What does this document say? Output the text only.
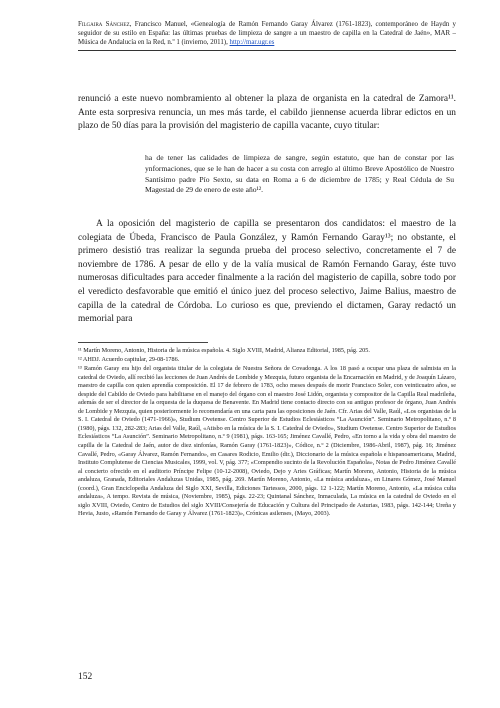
Filgaira Sánchez, Francisco Manuel, «Genealogía de Ramón Fernando Garay Álvarez (1761-1823), contemporáneo de Haydn y seguidor de su estilo en España: las últimas pruebas de limpieza de sangre a un maestro de capilla en la Catedral de Jaén», MAR – Música de Andalucía en la Red, n.º 1 (invierno, 2011), http://mar.ugr.es

renunció a este nuevo nombramiento al obtener la plaza de organista en la catedral de Zamora¹¹. Ante esta sorpresiva renuncia, un mes más tarde, el cabildo jiennense acuerda librar edictos en un plazo de 50 días para la provisión del magisterio de capilla vacante, cuyo titular:

ha de tener las calidades de limpieza de sangre, según estatuto, que han de constar por las ynformaciones, que se le han de hacer a su costa con arreglo al último Breve Apostólico de Nuestro Santísimo padre Pío Sexto, su data en Roma a 6 de diciembre de 1785; y Real Cédula de Su Magestad de 29 de enero de este año¹².

A la oposición del magisterio de capilla se presentaron dos candidatos: el maestro de la colegiata de Úbeda, Francisco de Paula González, y Ramón Fernando Garay¹³; no obstante, el primero desistió tras realizar la segunda prueba del proceso selectivo, concretamente el 7 de noviembre de 1786. A pesar de ello y de la valía musical de Ramón Fernando Garay, éste tuvo numerosas dificultades para acceder finalmente a la ración del magisterio de capilla, sobre todo por el veredicto desfavorable que emitió el único juez del proceso selectivo, Jaime Balius, maestro de capilla de la catedral de Córdoba. Lo curioso es que, previendo el dictamen, Garay redactó un memorial para

¹¹ Martín Moreno, Antonio, Historia de la música española. 4. Siglo XVIII, Madrid, Alianza Editorial, 1985, pág. 205.

¹² AHDJ. Acuerdo capitular, 29-08-1786.

¹³ Ramón Garay era hijo del organista titular de la colegiata de Nuestra Señora de Covadonga. A los 18 pasó a ocupar una plaza de salmista en la catedral de Oviedo, allí recibió las lecciones de Juan Andrés de Lombide y Mezquia, futuro organista de la Encarnación en Madrid, y de Joaquín Lázaro, maestro de capilla con quien aprendía composición. El 17 de febrero de 1783, ocho meses después de morir Francisco Soler, con veinticuatro años, se despide del Cabildo de Oviedo para habilitarse en el manejo del órgano con el maestro José Lidón, organista y compositor de la Capilla Real madrileña, además de ser el director de la orquesta de la duquesa de Benavente. En Madrid tiene contacto directo con su antiguo profesor de órgano, Juan Andrés de Lombide y Mezquia, quien posteriormente lo recomendaría en una carta para las oposiciones de Jaén. Cfr. Arias del Valle, Raúl, «Los organistas de la S. I. Catedral de Oviedo (1471-1966)», Studium Ovetense. Centro Superior de Estudios Eclesiásticos “La Asunción”. Seminario Metropolitano, n.º 8 (1980), págs. 132, 282-283; Arias del Valle, Raúl, «Atisbo en la música de la S. I. Catedral de Oviedo», Studium Ovetense. Centro Superior de Estudios Eclesiásticos “La Asunción”. Seminario Metropolitano, n.º 9 (1981), págs. 163-165; Jiménez Cavallé, Pedro, «En torno a la vida y obra del maestro de capilla de la Catedral de Jaén, autor de diez sinfonías, Ramón Garay (1761-1823)», Códice, n.º 2 (Diciembre, 1986-Abril, 1987), pág. 16; Jiménez Cavallé, Pedro, «Garay Álvarez, Ramón Fernando», en Casares Rodicio, Emilio (dir.), Diccionario de la música española e hispanoamericana, Madrid, Instituto Complutense de Ciencias Musicales, 1999, vol. V, pág. 377; «Compendio sucinto de la Revolución Española», Notas de Pedro Jiménez Cavallé al concierto ofrecido en el auditorio Príncipe Felipe (10-12-2008), Oviedo, Dejo y Aries Gráficas; Martín Moreno, Antonio, Historia de la música andaluza, Granada, Editoriales Andaluzas Unidas, 1985, pág. 269. Martín Moreno, Antonio, «La música andaluza», en Linares Gómez, José Manuel (coord.), Gran Enciclopedia Andaluza del Siglo XXI, Sevilla, Ediciones Tartessos, 2000, págs. 12 1-122; Martín Moreno, Antonio, «La música culta andaluza», A tempo. Revista de música, (Noviembre, 1985), págs. 22-23; Quintanal Sánchez, Inmaculada, La música en la catedral de Oviedo en el siglo XVIII, Oviedo, Centro de Estudios del siglo XVIII/Consejería de Educación y Cultura del Principado de Asturias, 1983, págs. 142-144; Ureña y Hevia, Justo, «Ramón Fernando de Garay y Álvarez (1761-1823)», Crónicas asilenses, (Mayo, 2003).

152
